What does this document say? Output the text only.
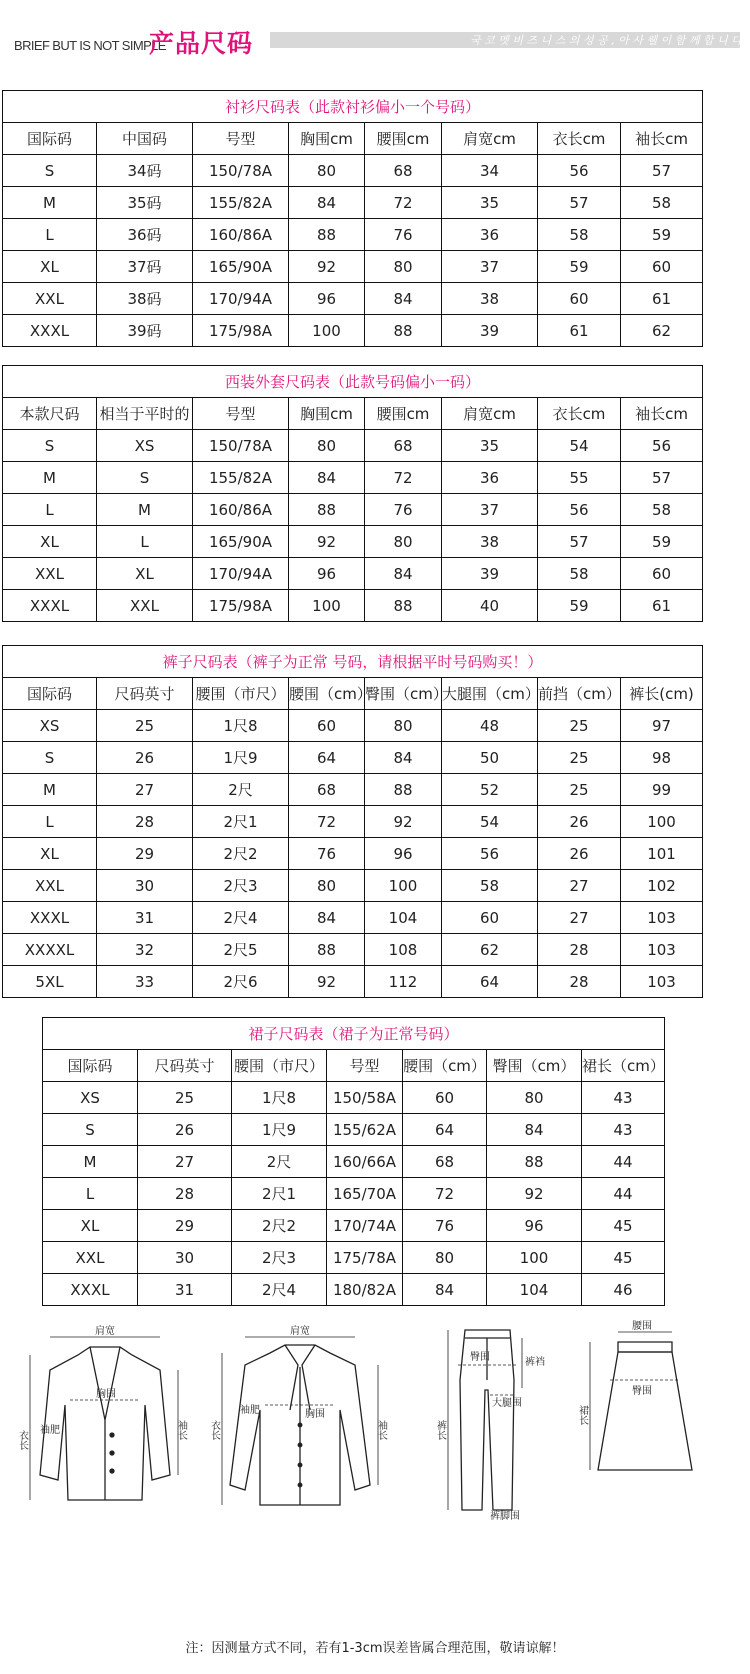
BRIEF BUT IS NOT SIMPLE
产品尺码	국 코 멧 비 즈 니 스 의 성 공 , 아 사 웰 이 함 께 합 니 다 !
衬衫尺码表（此款衬衫偏小一个号码）							
国际码	中国码	号型	胸围cm	腰围cm	肩宽cm	衣长cm	袖长cm
S	34码	150/78A	80	68	34	56	57
M	35码	155/82A	84	72	35	57	58
L	36码	160/86A	88	76	36	58	59
XL	37码	165/90A	92	80	37	59	60
XXL	38码	170/94A	96	84	38	60	61
XXXL	39码	175/98A	100	88	39	61	62
西装外套尺码表（此款号码偏小一码）							
本款尺码	相当于平时的	号型	胸围cm	腰围cm	肩宽cm	衣长cm	袖长cm
S	XS	150/78A	80	68	35	54	56
M	S	155/82A	84	72	36	55	57
L	M	160/86A	88	76	37	56	58
XL	L	165/90A	92	80	38	57	59
XXL	XL	170/94A	96	84	39	58	60
XXXL	XXL	175/98A	100	88	40	59	61
裤子尺码表（裤子为正常 号码，请根据平时号码购买！）							
国际码	尺码英寸	腰围（市尺）	腰围（cm）	臀围（cm）	大腿围（cm）	前挡（cm）	裤长(cm)
XS	25	1尺8	60	80	48	25	97
S	26	1尺9	64	84	50	25	98
M	27	2尺	68	88	52	25	99
L	28	2尺1	72	92	54	26	100
XL	29	2尺2	76	96	56	26	101
XXL	30	2尺3	80	100	58	27	102
XXXL	31	2尺4	84	104	60	27	103
XXXXL	32	2尺5	88	108	62	28	103
5XL	33	2尺6	92	112	64	28	103
裙子尺码表（裙子为正常号码）						
国际码	尺码英寸	腰围（市尺）	号型	腰围（cm）	臀围（cm）	裙长（cm）
XS	25	1尺8	150/58A	60	80	43
S	26	1尺9	155/62A	64	84	43
M	27	2尺	160/66A	68	88	44
L	28	2尺1	165/70A	72	92	44
XL	29	2尺2	170/74A	76	96	45
XXL	30	2尺3	175/78A	80	100	45
XXXL	31	2尺4	180/82A	84	104	46
肩宽
胸围
衣长 袖肥	袖长
肩宽
胸围
衣长
袖肥
袖长
臀围	裤裆
大腿围
裤长
裤脚围
腰围
臀围
裙长
注：因测量方式不同，若有1-3cm误差皆属合理范围，敬请谅解！
